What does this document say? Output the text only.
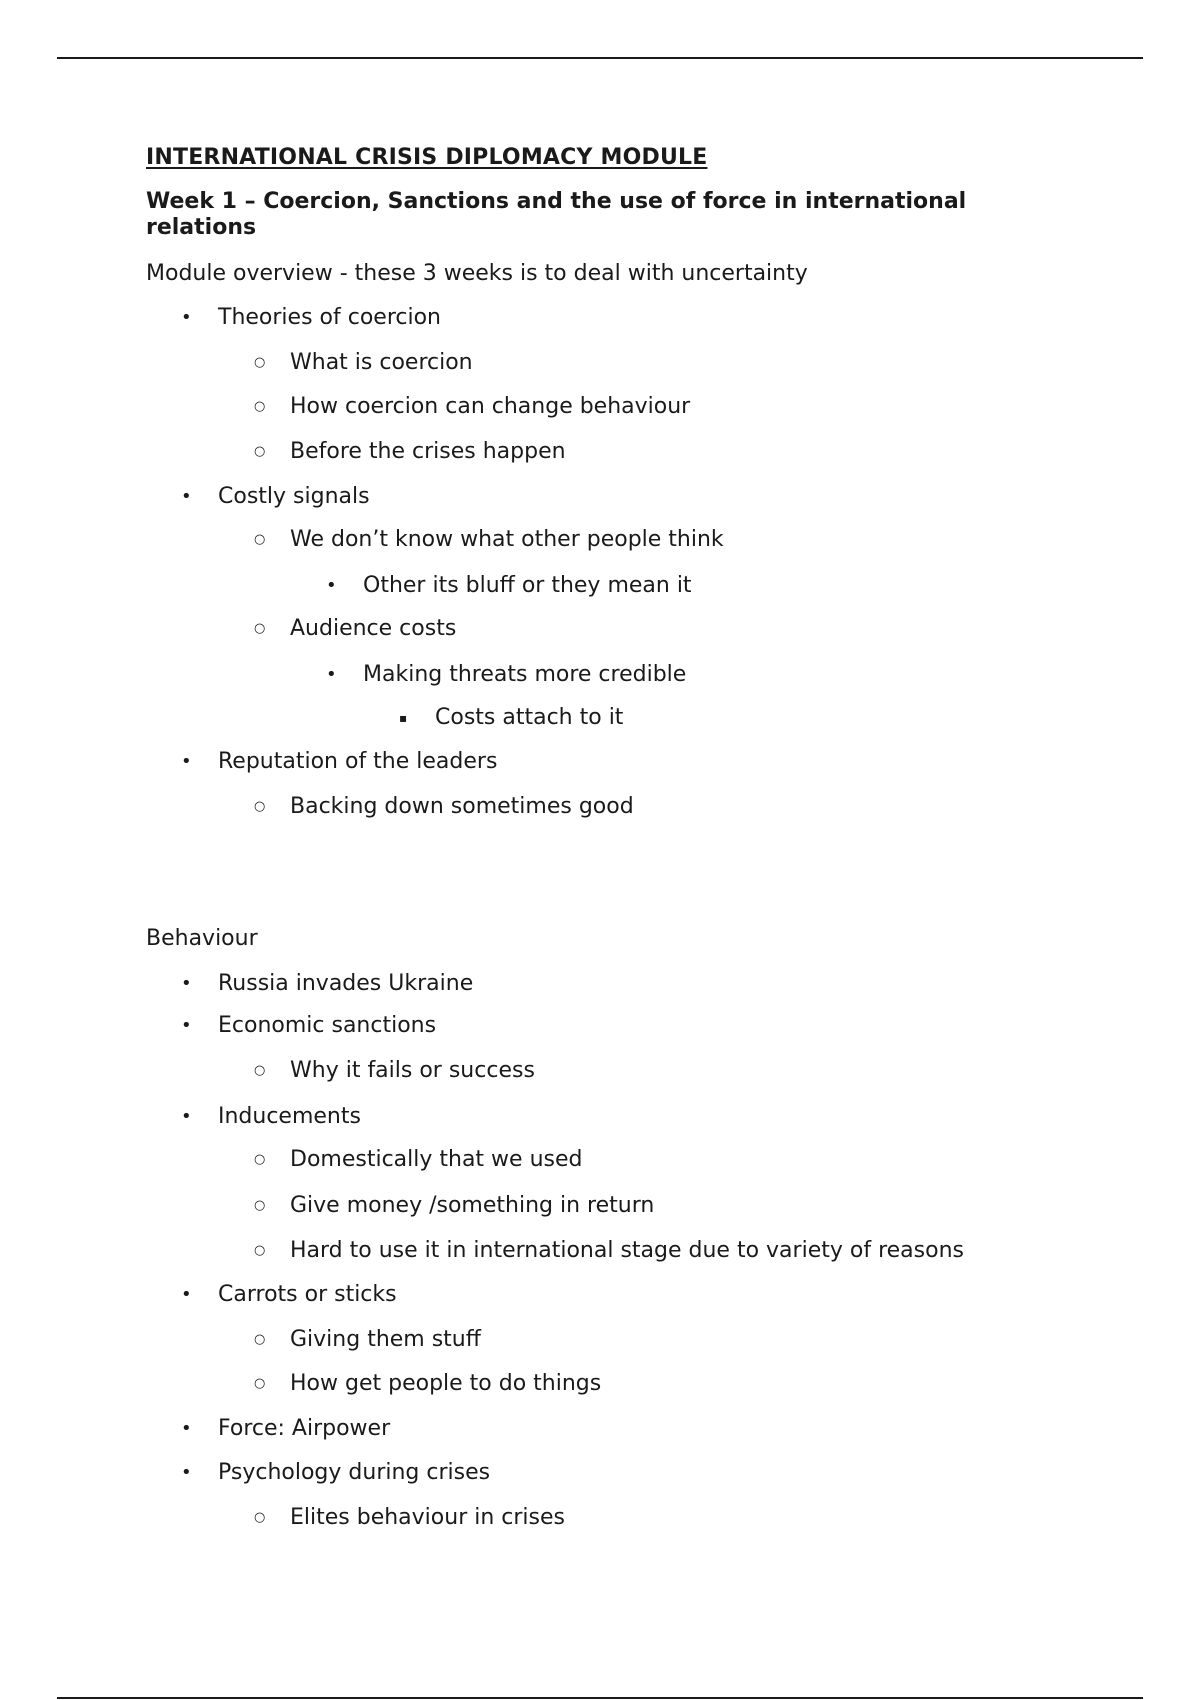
INTERNATIONAL CRISIS DIPLOMACY MODULE
Week 1 – Coercion, Sanctions and the use of force in international relations
Module overview - these 3 weeks is to deal with uncertainty
• Theories of coercion
○ What is coercion
○ How coercion can change behaviour
○ Before the crises happen
• Costly signals
○ We don’t know what other people think
• Other its bluff or they mean it
○ Audience costs
• Making threats more credible
▪ Costs attach to it
• Reputation of the leaders
○ Backing down sometimes good
Behaviour
• Russia invades Ukraine
• Economic sanctions
○ Why it fails or success
• Inducements
○ Domestically that we used
○ Give money /something in return
○ Hard to use it in international stage due to variety of reasons
• Carrots or sticks
○ Giving them stuff
○ How get people to do things
• Force: Airpower
• Psychology during crises
○ Elites behaviour in crises
